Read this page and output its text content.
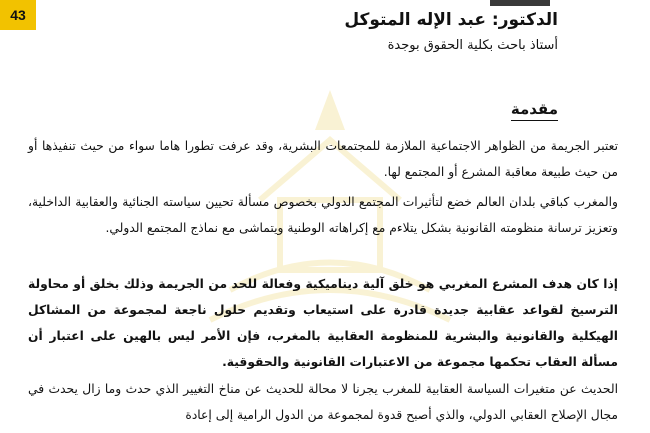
43	الدكتور: عبد الإله المتوكل
أستاذ باحث بكلية الحقوق بوجدة
مقدمة

تعتبر الجريمة من الظواهر الاجتماعية الملازمة للمجتمعات البشرية، وقد عرفت تطورا هاما سواء من حيث تنفيذها أو من حيث طبيعة معاقبة المشرع أو المجتمع لها.

والمغرب كباقي بلدان العالم خضع لتأثيرات المجتمع الدولي بخصوص مسألة تحيين سياسته الجنائية والعقابية الداخلية، وتعزيز ترسانة منظومته القانونية بشكل يتلاءم مع إكراهاته الوطنية ويتماشى مع نماذج المجتمع الدولي.

إذا كان هدف المشرع المغربي هو خلق آلية ديناميكية وفعالة للحد من الجريمة وذلك بخلق أو محاولة الترسيخ لقواعد عقابية جديدة قادرة على استيعاب وتقديم حلول ناجعة لمجموعة من المشاكل الهيكلية والقانونية والبشرية للمنظومة العقابية بالمغرب، فإن الأمر ليس بالهين على اعتبار أن مسألة العقاب تحكمها مجموعة من الاعتبارات القانونية والحقوقية.

الحديث عن متغيرات السياسة العقابية للمغرب يجرنا لا محالة للحديث عن مناخ التغيير الذي حدث وما زال يحدث في مجال الإصلاح العقابي الدولي، والذي أصبح قدوة لمجموعة من الدول الرامية إلى إعادة
